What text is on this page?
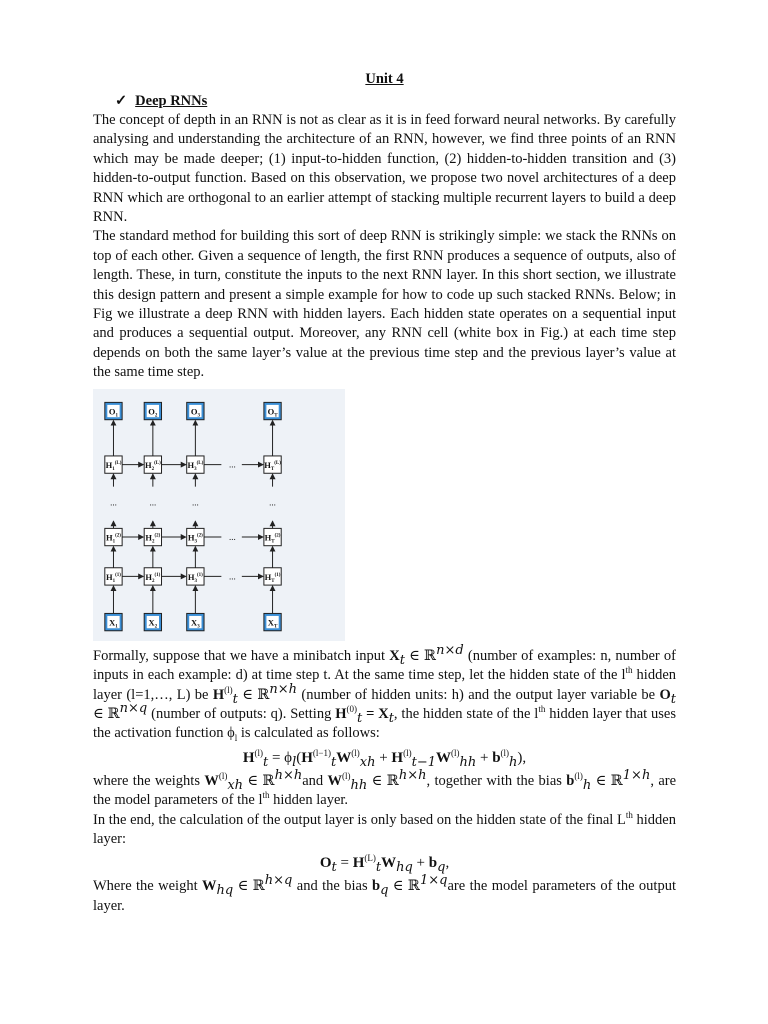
Unit 4
✓ Deep RNNs

The concept of depth in an RNN is not as clear as it is in feed forward neural networks. By carefully analysing and understanding the architecture of an RNN, however, we find three points of an RNN which may be made deeper; (1) input-to-hidden function, (2) hidden-to-hidden transition and (3) hidden-to-output function. Based on this observation, we propose two novel architectures of a deep RNN which are orthogonal to an earlier attempt of stacking multiple recurrent layers to build a deep RNN.

The standard method for building this sort of deep RNN is strikingly simple: we stack the RNNs on top of each other. Given a sequence of length, the first RNN produces a sequence of outputs, also of length. These, in turn, constitute the inputs to the next RNN layer. In this short section, we illustrate this design pattern and present a simple example for how to code up such stacked RNNs. Below; in Fig we illustrate a deep RNN with hidden layers. Each hidden state operates on a sequential input and produces a sequential output. Moreover, any RNN cell (white box in Fig.) at each time step depends on both the same layer’s value at the previous time step and the previous layer’s value at the same time step.

$O_1$	$O_2$	$O_3$	$O_T$
$H_1^{(L)}$	$H_2^{(L)}$	$H_3^{(L)}$	$H_T^{(L)}$
$H_1^{(2)}$	$H_2^{(2)}$	$H_3^{(2)}$	$H_T^{(2)}$
$H_1^{(1)}$	$H_2^{(1)}$	$H_3^{(1)}$	$H_T^{(1)}$
$X_1$	$X_2$	$X_3$	$X_T$
...
...
...
...	...	...	...

Formally, suppose that we have a minibatch input $X_t$ ∈ ℝ$^{n\times d}$ (number of examples: n, number of inputs in each example: d) at time step t. At the same time step, let the hidden state of the $l^{th}$ hidden layer (l=1,…, L) be $H^{(l)}_t$ ∈ ℝ$^{n\times h}$ (number of hidden units: h) and the output layer variable be $O_t$ ∈ ℝ$^{n\times q}$ (number of outputs: q). Setting $H^{(0)}_t = X_t$, the hidden state of the $l^{th}$ hidden layer that uses the activation function $\phi_l$ is calculated as follows:

$H^{(l)}_t = \phi_l(H^{(l-1)}_tW^{(l)}_{xh} + H^{(l)}_{t-1}W^{(l)}_{hh} + b^{(l)}_h)$,

where the weights $W^{(l)}_{xh}$ ∈ ℝ$^{h\times h}$and $W^{(l)}_{hh}$ ∈ ℝ$^{h\times h}$, together with the bias $b^{(l)}_h$ ∈ ℝ$^{1\times h}$, are the model parameters of the $l^{th}$ hidden layer.

In the end, the calculation of the output layer is only based on the hidden state of the final Lth hidden layer:

$O_t = H^{(L)}_tW_{hq} + b_q$,

Where the weight $W_{hq}$ ∈ ℝ$^{h\times q}$ and the bias $b_q$ ∈ ℝ$^{1\times q}$are the model parameters of the output layer.
